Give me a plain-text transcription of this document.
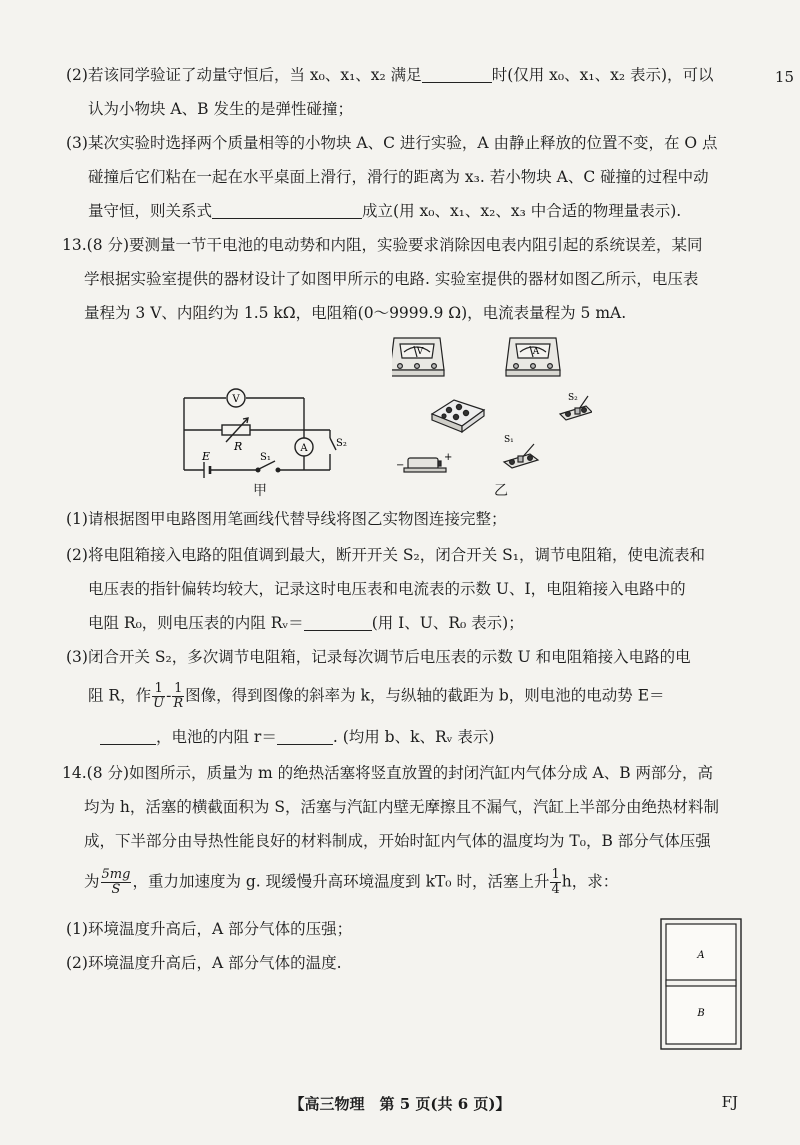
15
(2)若该同学验证了动量守恒后，当 x₀、x₁、x₂ 满足	时(仅用 x₀、x₁、x₂ 表示)，可以
认为小物块 A、B 发生的是弹性碰撞；
(3)某次实验时选择两个质量相等的小物块 A、C 进行实验，A 由静止释放的位置不变，在 O 点
碰撞后它们粘在一起在水平桌面上滑行，滑行的距离为 x₃. 若小物块 A、C 碰撞的过程中动
量守恒，则关系式	成立(用 x₀、x₁、x₂、x₃ 中合适的物理量表示).
13.(8 分)要测量一节干电池的电动势和内阻，实验要求消除因电表内阻引起的系统误差，某同
学根据实验室提供的器材设计了如图甲所示的电路. 实验室提供的器材如图乙所示，电压表
量程为 3 V、内阻约为 1.5 kΩ，电阻箱(0～9999.9 Ω)，电流表量程为 5 mA.
V
A
R
E	S₁
S₂
甲
V	A
S₂
S₁
−
+
乙
(1)请根据图甲电路图用笔画线代替导线将图乙实物图连接完整；
(2)将电阻箱接入电路的阻值调到最大，断开开关 S₂，闭合开关 S₁，调节电阻箱，使电流表和
电压表的指针偏转均较大，记录这时电压表和电流表的示数 U、I，电阻箱接入电路中的
电阻 R₀，则电压表的内阻 Rᵥ＝	(用 I、U、R₀ 表示)；
(3)闭合开关 S₂，多次调节电阻箱，记录每次调节后电压表的示数 U 和电阻箱接入电路的电
阻 R，作 $\frac{1}{U} - \frac{1}{R}$ 图像，得到图像的斜率为 k，与纵轴的截距为 b，则电池的电动势 E＝
，电池的内阻 r＝	. (均用 b、k、Rᵥ 表示)
14.(8 分)如图所示，质量为 m 的绝热活塞将竖直放置的封闭汽缸内气体分成 A、B 两部分，高
均为 h，活塞的横截面积为 S，活塞与汽缸内壁无摩擦且不漏气，汽缸上半部分由绝热材料制
成，下半部分由导热性能良好的材料制成，开始时缸内气体的温度均为 T₀，B 部分气体压强
为 $\frac{5mg}{S}$ ，重力加速度为 g. 现缓慢升高环境温度到 kT₀ 时，活塞上升 $\frac{1}{4}$ h，求：
(1)环境温度升高后，A 部分气体的压强；
(2)环境温度升高后，A 部分气体的温度.	A
B
【高三物理　第 5 页(共 6 页)】	FJ
